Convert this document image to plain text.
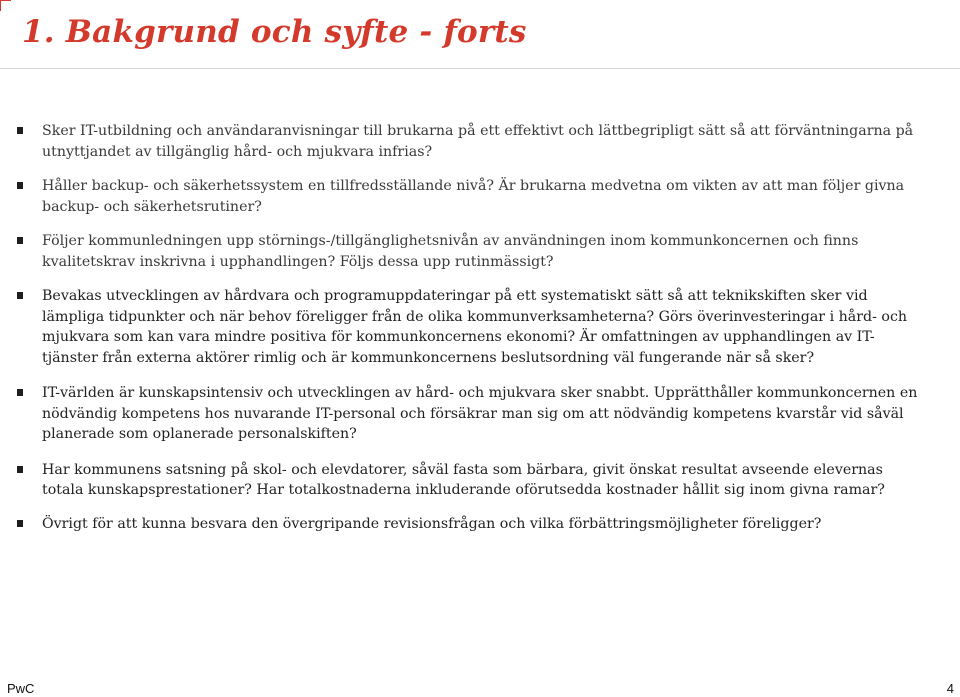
1. Bakgrund och syfte - forts
Sker IT-utbildning och användaranvisningar till brukarna på ett effektivt och lättbegripligt sätt så att förväntningarna på utnyttjandet av tillgänglig hård- och mjukvara infrias?
Håller backup- och säkerhetssystem en tillfredsställande nivå? Är brukarna medvetna om vikten av att man följer givna backup- och säkerhetsrutiner?
Följer kommunledningen upp störnings-/tillgänglighetsnivån av användningen inom kommunkoncernen och finns kvalitetskrav inskrivna i upphandlingen? Följs dessa upp rutinmässigt?
Bevakas utvecklingen av hårdvara och programuppdateringar på ett systematiskt sätt så att teknikskiften sker vid lämpliga tidpunkter och när behov föreligger från de olika kommunverksamheterna? Görs överinvesteringar i hård- och mjukvara som kan vara mindre positiva för kommunkoncernens ekonomi? Är omfattningen av upphandlingen av IT-tjänster från externa aktörer rimlig och är kommunkoncernens beslutsordning väl fungerande när så sker?
IT-världen är kunskapsintensiv och utvecklingen av hård- och mjukvara sker snabbt. Upprätthåller kommunkoncernen en nödvändig kompetens hos nuvarande IT-personal och försäkrar man sig om att nödvändig kompetens kvarstår vid såväl planerade som oplanerade personalskiften?
Har kommunens satsning på skol- och elevdatorer, såväl fasta som bärbara, givit önskat resultat avseende elevernas totala kunskapsprestationer? Har totalkostnaderna inkluderande oförutsedda kostnader hållit sig inom givna ramar?
Övrigt för att kunna besvara den övergripande revisionsfrågan och vilka förbättringsmöjligheter föreligger?
PwC	4
